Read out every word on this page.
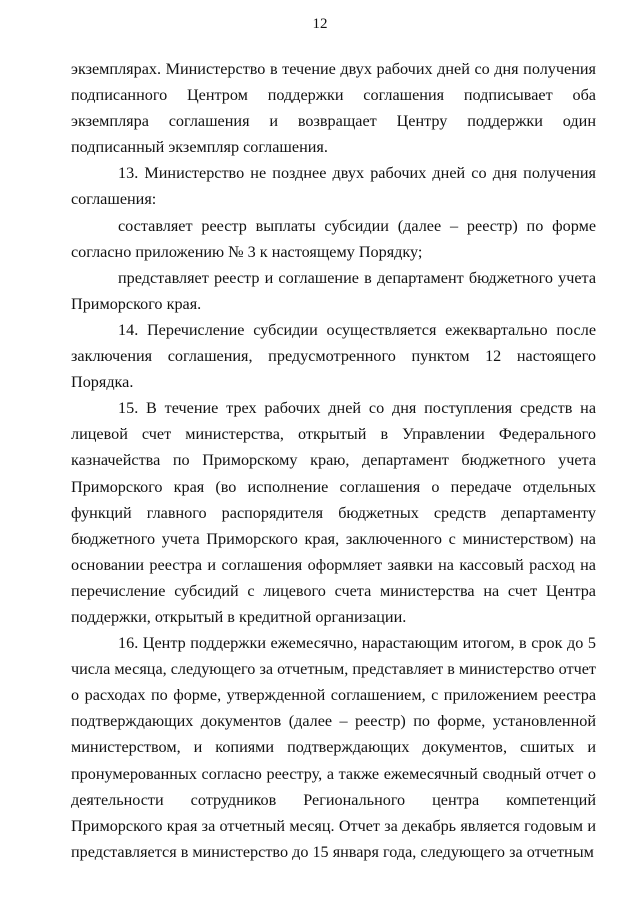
12

экземплярах. Министерство в течение двух рабочих дней со дня получения подписанного Центром поддержки соглашения подписывает оба экземпляра соглашения и возвращает Центру поддержки один подписанный экземпляр соглашения.

13. Министерство не позднее двух рабочих дней со дня получения соглашения:

составляет реестр выплаты субсидии (далее – реестр) по форме согласно приложению № 3 к настоящему Порядку;

представляет реестр и соглашение в департамент бюджетного учета Приморского края.

14. Перечисление субсидии осуществляется ежеквартально после заключения соглашения, предусмотренного пунктом 12 настоящего Порядка.

15. В течение трех рабочих дней со дня поступления средств на лицевой счет министерства, открытый в Управлении Федерального казначейства по Приморскому краю, департамент бюджетного учета Приморского края (во исполнение соглашения о передаче отдельных функций главного распорядителя бюджетных средств департаменту бюджетного учета Приморского края, заключенного с министерством) на основании реестра и соглашения оформляет заявки на кассовый расход на перечисление субсидий с лицевого счета министерства на счет Центра поддержки, открытый в кредитной организации.

16. Центр поддержки ежемесячно, нарастающим итогом, в срок до 5 числа месяца, следующего за отчетным, представляет в министерство отчет о расходах по форме, утвержденной соглашением, с приложением реестра подтверждающих документов (далее – реестр) по форме, установленной министерством, и копиями подтверждающих документов, сшитых и пронумерованных согласно реестру, а также ежемесячный сводный отчет о деятельности сотрудников Регионального центра компетенций Приморского края за отчетный месяц. Отчет за декабрь является годовым и представляется в министерство до 15 января года, следующего за отчетным
